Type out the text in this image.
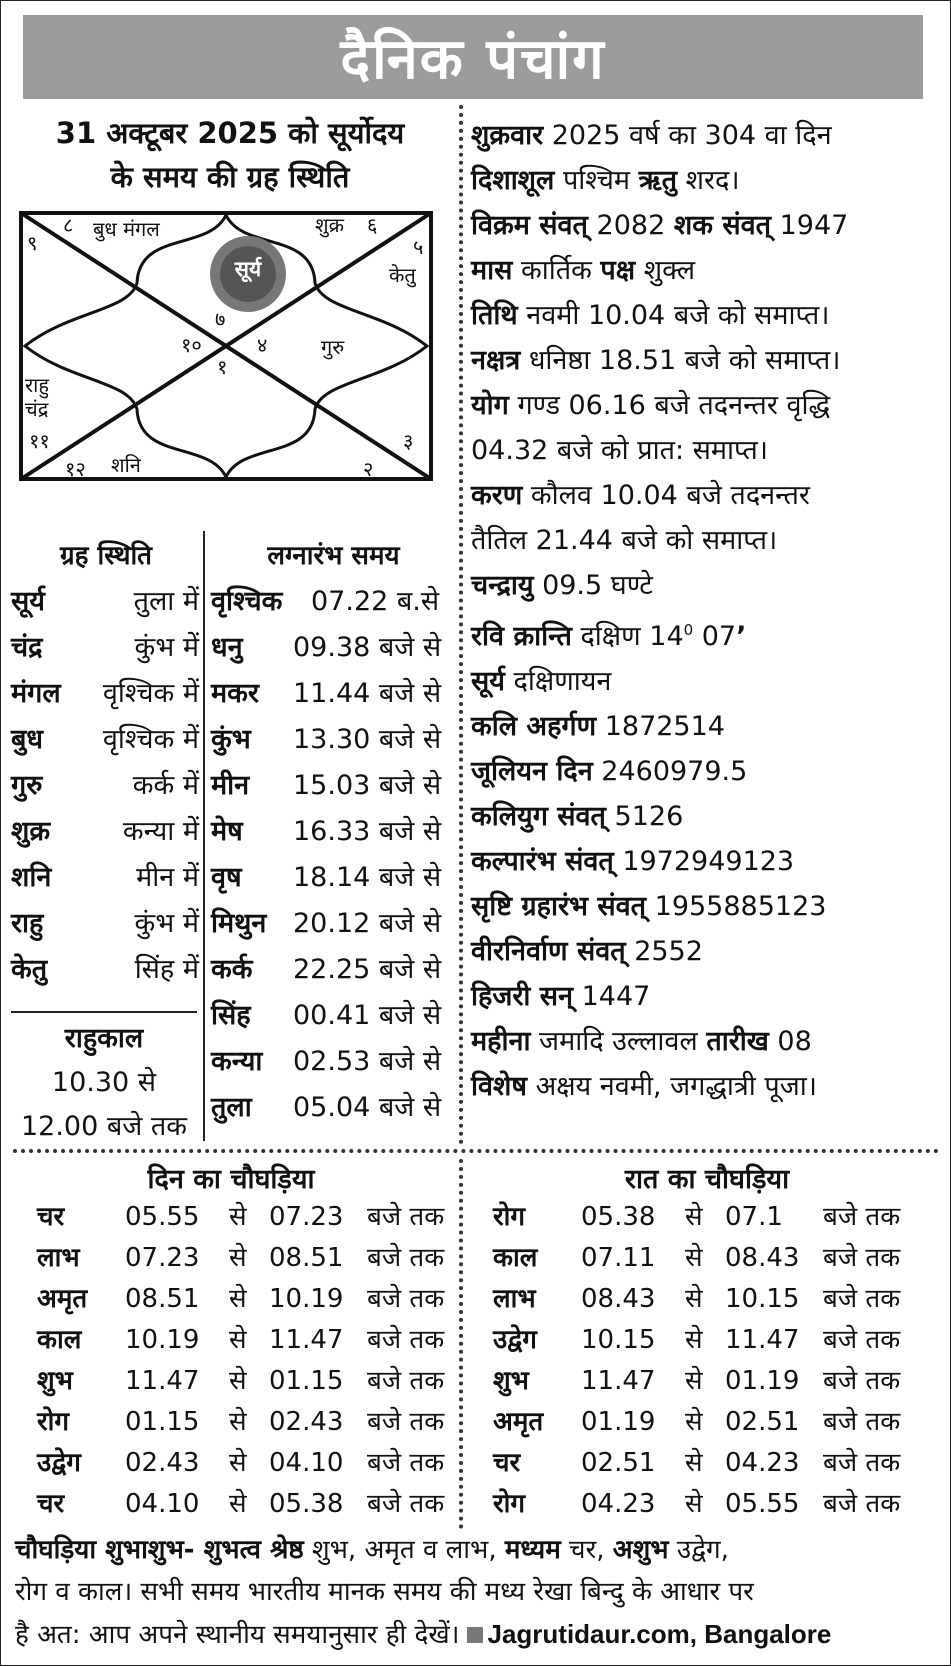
दैनिक पंचांग
31 अक्टूबर 2025 को सूर्योदय
के समय की ग्रह स्थिति
सूर्य
८ बुध मंगल
९
शुक्र ६
५
केतु
७
१०	४	गुरु
१
राहु
चंद्र
११
१२ शनि
३
२
ग्रह स्थिति	लग्नारंभ समय
सूर्य	तुला में
चंद्र	कुंभ में
मंगल वृश्चिक में
बुध वृश्चिक में
गुरु	कर्क में
शुक्र	कन्या में
शनि	मीन में
राहु	कुंभ में
केतु	सिंह में
राहुकाल
10.30 से
12.00 बजे तक
वृश्चिक	07.22 ब.से
धनु	09.38 बजे से
मकर	11.44 बजे से
कुंभ	13.30 बजे से
मीन	15.03 बजे से
मेष	16.33 बजे से
वृष	18.14 बजे से
मिथुन 20.12 बजे से
कर्क	22.25 बजे से
सिंह	00.41 बजे से
कन्या	02.53 बजे से
तुला	05.04 बजे से
शुक्रवार 2025 वर्ष का 304 वा दिन
दिशाशूल पश्चिम ऋतु शरद।
विक्रम संवत् 2082 शक संवत् 1947
मास कार्तिक पक्ष शुक्ल
तिथि नवमी 10.04 बजे को समाप्त।
नक्षत्र धनिष्ठा 18.51 बजे को समाप्त।
योग गण्ड 06.16 बजे तदनन्तर वृद्धि
04.32 बजे को प्रात: समाप्त।
करण कौलव 10.04 बजे तदनन्तर
तैतिल 21.44 बजे को समाप्त।
चन्द्रायु 09.5 घण्टे
रवि क्रान्ति दक्षिण $14^0$ 07’
सूर्य दक्षिणायन
कलि अहर्गण 1872514
जूलियन दिन 2460979.5
कलियुग संवत् 5126
कल्पारंभ संवत् 1972949123
सृष्टि ग्रहारंभ संवत् 1955885123
वीरनिर्वाण संवत् 2552
हिजरी सन् 1447
महीना जमादि उल्लावल तारीख 08
विशेष अक्षय नवमी, जगद्धात्री पूजा।
दिन का चौघड़िया	रात का चौघड़िया
चर	05.55	से 07.23 बजे तक
लाभ	07.23	से 08.51 बजे तक
अमृत	08.51	से 10.19 बजे तक
काल	10.19	से 11.47 बजे तक
शुभ	11.47	से 01.15 बजे तक
रोग	01.15	से 02.43 बजे तक
उद्वेग	02.43	से 04.10 बजे तक
चर	04.10	से 05.38 बजे तक
रोग	05.38	से 07.1	बजे तक
काल	07.11	से 08.43 बजे तक
लाभ	08.43	से 10.15 बजे तक
उद्वेग	10.15	से 11.47 बजे तक
शुभ	11.47	से 01.19 बजे तक
अमृत	01.19	से 02.51 बजे तक
चर	02.51	से 04.23 बजे तक
रोग	04.23	से 05.55 बजे तक
चौघड़िया शुभाशुभ- शुभत्व श्रेष्ठ शुभ, अमृत व लाभ, मध्यम चर, अशुभ उद्वेग,
रोग व काल। सभी समय भारतीय मानक समय की मध्य रेखा बिन्दु के आधार पर
है अत: आप अपने स्थानीय समयानुसार ही देखें। Jagrutidaur.com, Bangalore
